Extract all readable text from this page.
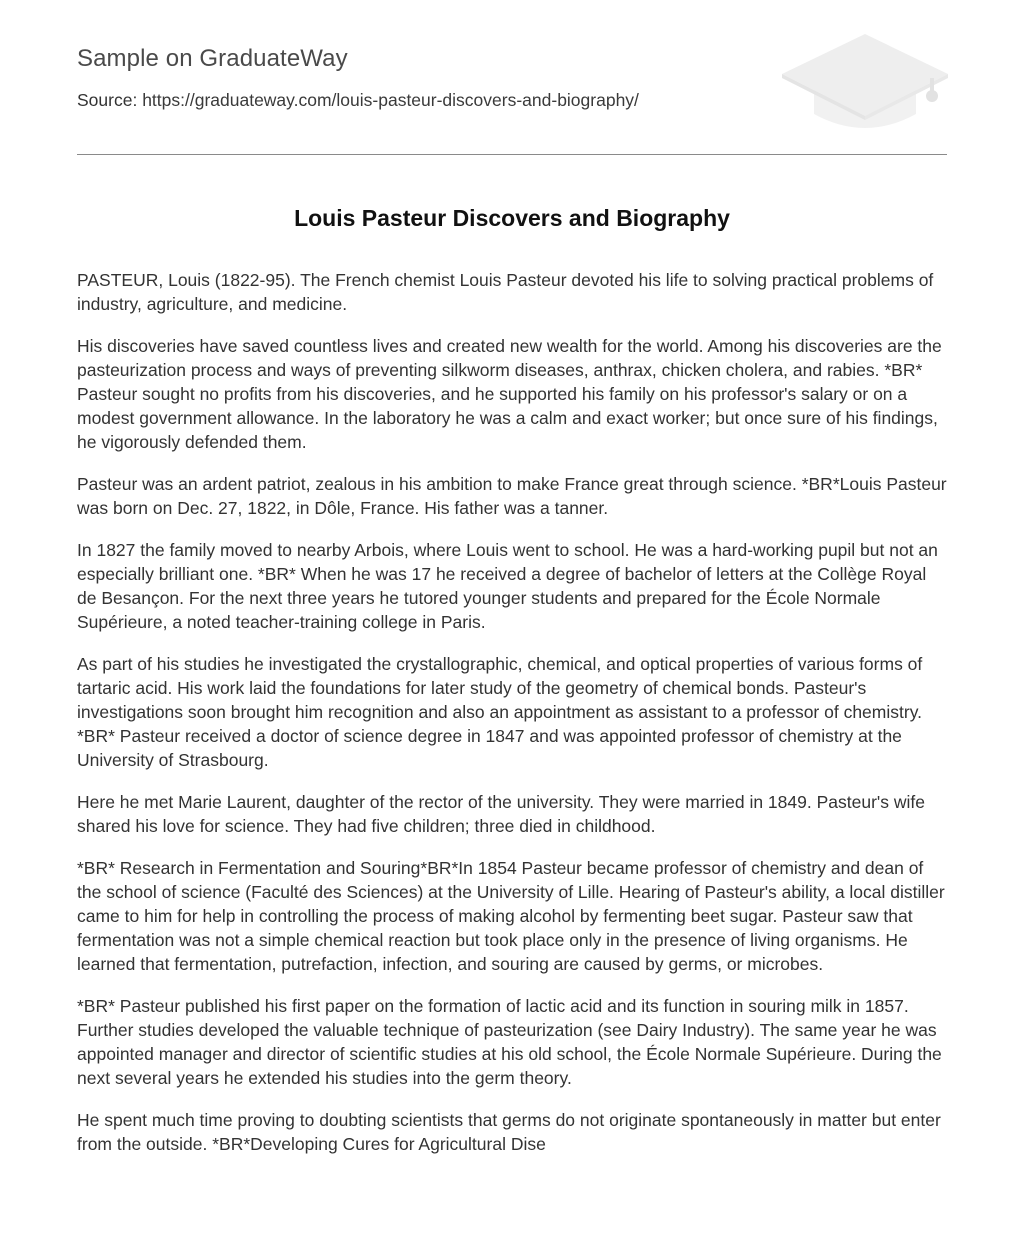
Sample on GraduateWay
Source: https://graduateway.com/louis-pasteur-discovers-and-biography/
Louis Pasteur Discovers and Biography

PASTEUR, Louis (1822-95). The French chemist Louis Pasteur devoted his life to solving practical problems of industry, agriculture, and medicine.

His discoveries have saved countless lives and created new wealth for the world. Among his discoveries are the pasteurization process and ways of preventing silkworm diseases, anthrax, chicken cholera, and rabies. *BR* Pasteur sought no profits from his discoveries, and he supported his family on his professor's salary or on a modest government allowance. In the laboratory he was a calm and exact worker; but once sure of his findings, he vigorously defended them.

Pasteur was an ardent patriot, zealous in his ambition to make France great through science. *BR*Louis Pasteur was born on Dec. 27, 1822, in Dôle, France. His father was a tanner.

In 1827 the family moved to nearby Arbois, where Louis went to school. He was a hard-working pupil but not an especially brilliant one. *BR* When he was 17 he received a degree of bachelor of letters at the Collège Royal de Besançon. For the next three years he tutored younger students and prepared for the École Normale Supérieure, a noted teacher-training college in Paris.

As part of his studies he investigated the crystallographic, chemical, and optical properties of various forms of tartaric acid. His work laid the foundations for later study of the geometry of chemical bonds. Pasteur's investigations soon brought him recognition and also an appointment as assistant to a professor of chemistry. *BR* Pasteur received a doctor of science degree in 1847 and was appointed professor of chemistry at the University of Strasbourg.

Here he met Marie Laurent, daughter of the rector of the university. They were married in 1849. Pasteur's wife shared his love for science. They had five children; three died in childhood.

*BR* Research in Fermentation and Souring*BR*In 1854 Pasteur became professor of chemistry and dean of the school of science (Faculté des Sciences) at the University of Lille. Hearing of Pasteur's ability, a local distiller came to him for help in controlling the process of making alcohol by fermenting beet sugar. Pasteur saw that fermentation was not a simple chemical reaction but took place only in the presence of living organisms. He learned that fermentation, putrefaction, infection, and souring are caused by germs, or microbes.

*BR* Pasteur published his first paper on the formation of lactic acid and its function in souring milk in 1857. Further studies developed the valuable technique of pasteurization (see Dairy Industry). The same year he was appointed manager and director of scientific studies at his old school, the École Normale Supérieure. During the next several years he extended his studies into the germ theory.

He spent much time proving to doubting scientists that germs do not originate spontaneously in matter but enter from the outside. *BR*Developing Cures for Agricultural Dise
